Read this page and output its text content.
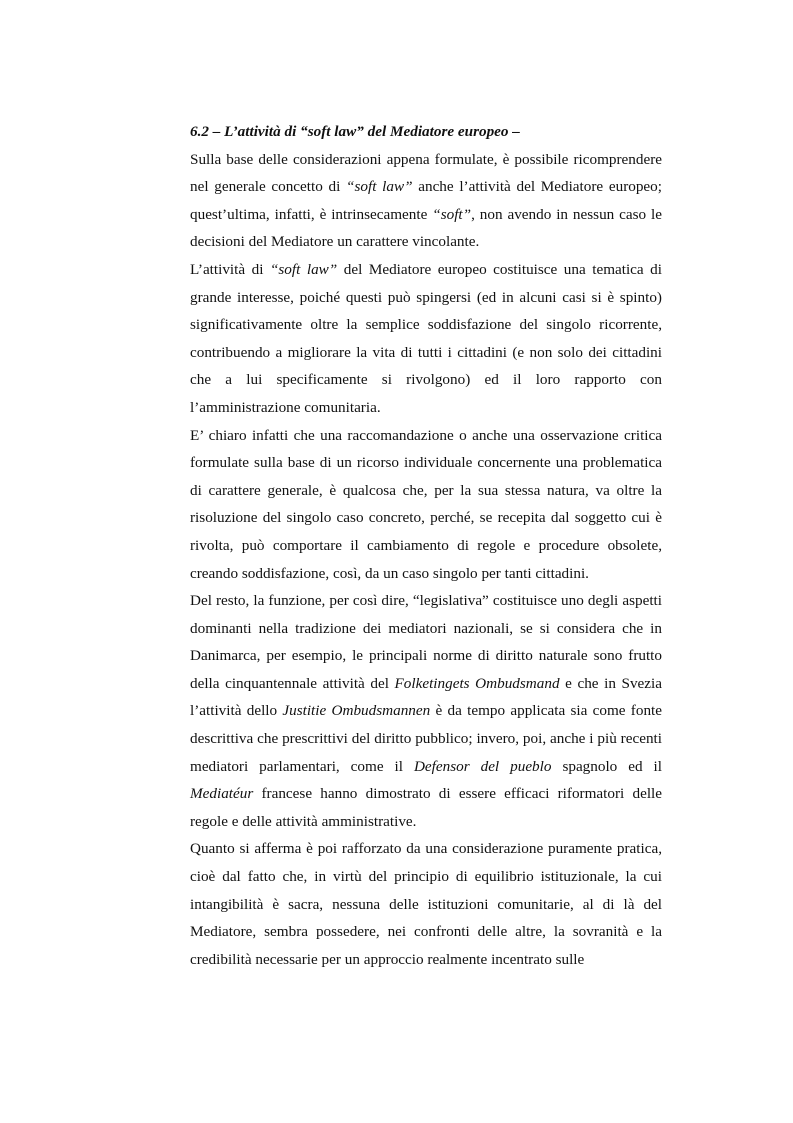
6.2 – L’attività di “soft law” del Mediatore europeo –

Sulla base delle considerazioni appena formulate, è possibile ricomprendere nel generale concetto di “soft law” anche l’attività del Mediatore europeo; quest’ultima, infatti, è intrinsecamente “soft”, non avendo in nessun caso le decisioni del Mediatore un carattere vincolante.

L’attività di “soft law” del Mediatore europeo costituisce una tematica di grande interesse, poiché questi può spingersi (ed in alcuni casi si è spinto) significativamente oltre la semplice soddisfazione del singolo ricorrente, contribuendo a migliorare la vita di tutti i cittadini (e non solo dei cittadini che a lui specificamente si rivolgono) ed il loro rapporto con l’amministrazione comunitaria.

E’ chiaro infatti che una raccomandazione o anche una osservazione critica formulate sulla base di un ricorso individuale concernente una problematica di carattere generale, è qualcosa che, per la sua stessa natura, va oltre la risoluzione del singolo caso concreto, perché, se recepita dal soggetto cui è rivolta, può comportare il cambiamento di regole e procedure obsolete, creando soddisfazione, così, da un caso singolo per tanti cittadini.

Del resto, la funzione, per così dire, “legislativa” costituisce uno degli aspetti dominanti nella tradizione dei mediatori nazionali, se si considera che in Danimarca, per esempio, le principali norme di diritto naturale sono frutto della cinquantennale attività del Folketingets Ombudsmand e che in Svezia l’attività dello Justitie Ombudsmannen è da tempo applicata sia come fonte descrittiva che prescrittivi del diritto pubblico; invero, poi, anche i più recenti mediatori parlamentari, come il Defensor del pueblo spagnolo ed il Mediatéur francese hanno dimostrato di essere efficaci riformatori delle regole e delle attività amministrative.

Quanto si afferma è poi rafforzato da una considerazione puramente pratica, cioè dal fatto che, in virtù del principio di equilibrio istituzionale, la cui intangibilità è sacra, nessuna delle istituzioni comunitarie, al di là del Mediatore, sembra possedere, nei confronti delle altre, la sovranità e la credibilità necessarie per un approccio realmente incentrato sulle
